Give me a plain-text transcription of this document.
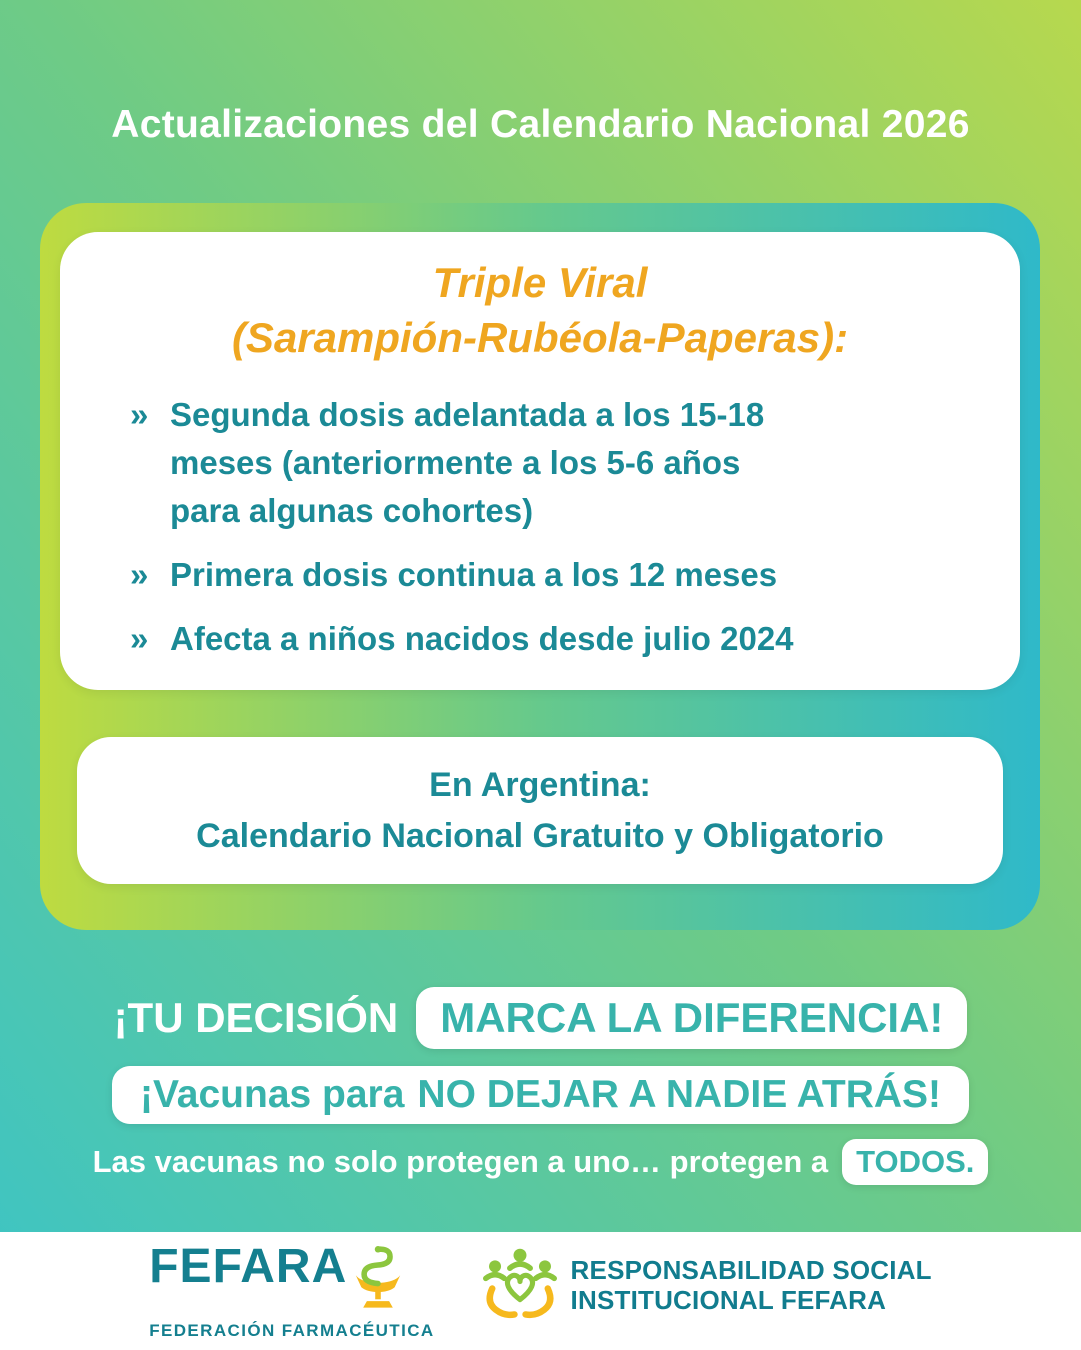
Actualizaciones del Calendario Nacional 2026
Triple Viral
(Sarampión-Rubéola-Paperas):
» Segunda dosis adelantada a los 15-18
meses (anteriormente a los 5-6 años
para algunas cohortes)
» Primera dosis continua a los 12 meses
» Afecta a niños nacidos desde julio 2024
En Argentina:
Calendario Nacional Gratuito y Obligatorio
¡TU DECISIÓN	MARCA LA DIFERENCIA!
¡Vacunas para NO DEJAR A NADIE ATRÁS!
Las vacunas no solo protegen a uno… protegen a TODOS.
FEFARA
FEDERACIÓN FARMACÉUTICA
RESPONSABILIDAD SOCIAL
INSTITUCIONAL FEFARA
